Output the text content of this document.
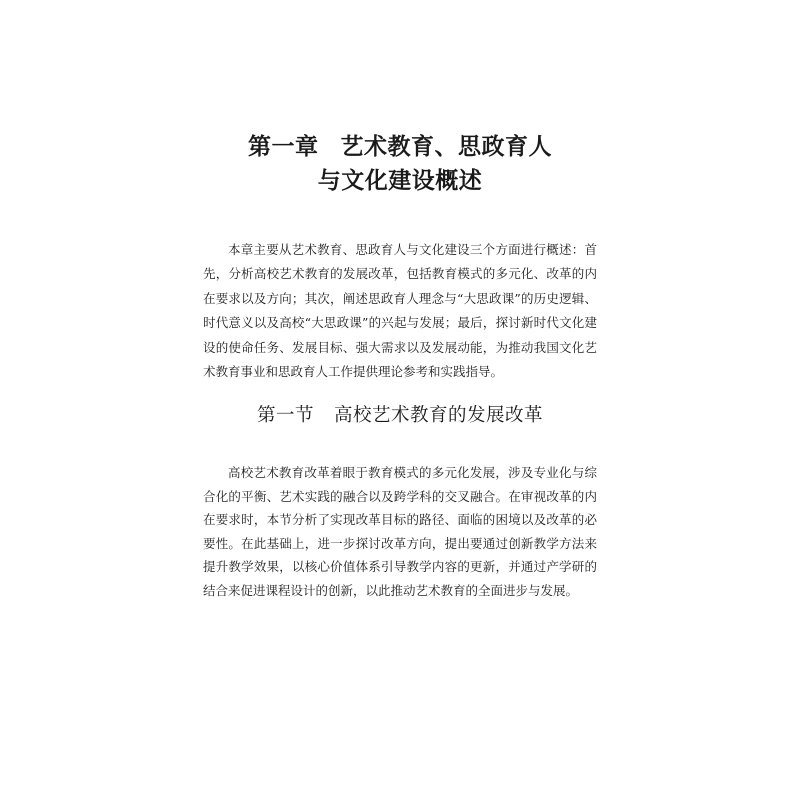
第一章 艺术教育、思政育人
与文化建设概述

本章主要从艺术教育、思政育人与文化建设三个方面进行概述：首先，分析高校艺术教育的发展改革，包括教育模式的多元化、改革的内在要求以及方向；其次，阐述思政育人理念与“大思政课”的历史逻辑、时代意义以及高校“大思政课”的兴起与发展；最后，探讨新时代文化建设的使命任务、发展目标、强大需求以及发展动能，为推动我国文化艺术教育事业和思政育人工作提供理论参考和实践指导。

第一节 高校艺术教育的发展改革

高校艺术教育改革着眼于教育模式的多元化发展，涉及专业化与综合化的平衡、艺术实践的融合以及跨学科的交叉融合。在审视改革的内在要求时，本节分析了实现改革目标的路径、面临的困境以及改革的必要性。在此基础上，进一步探讨改革方向，提出要通过创新教学方法来提升教学效果，以核心价值体系引导教学内容的更新，并通过产学研的结合来促进课程设计的创新，以此推动艺术教育的全面进步与发展。
